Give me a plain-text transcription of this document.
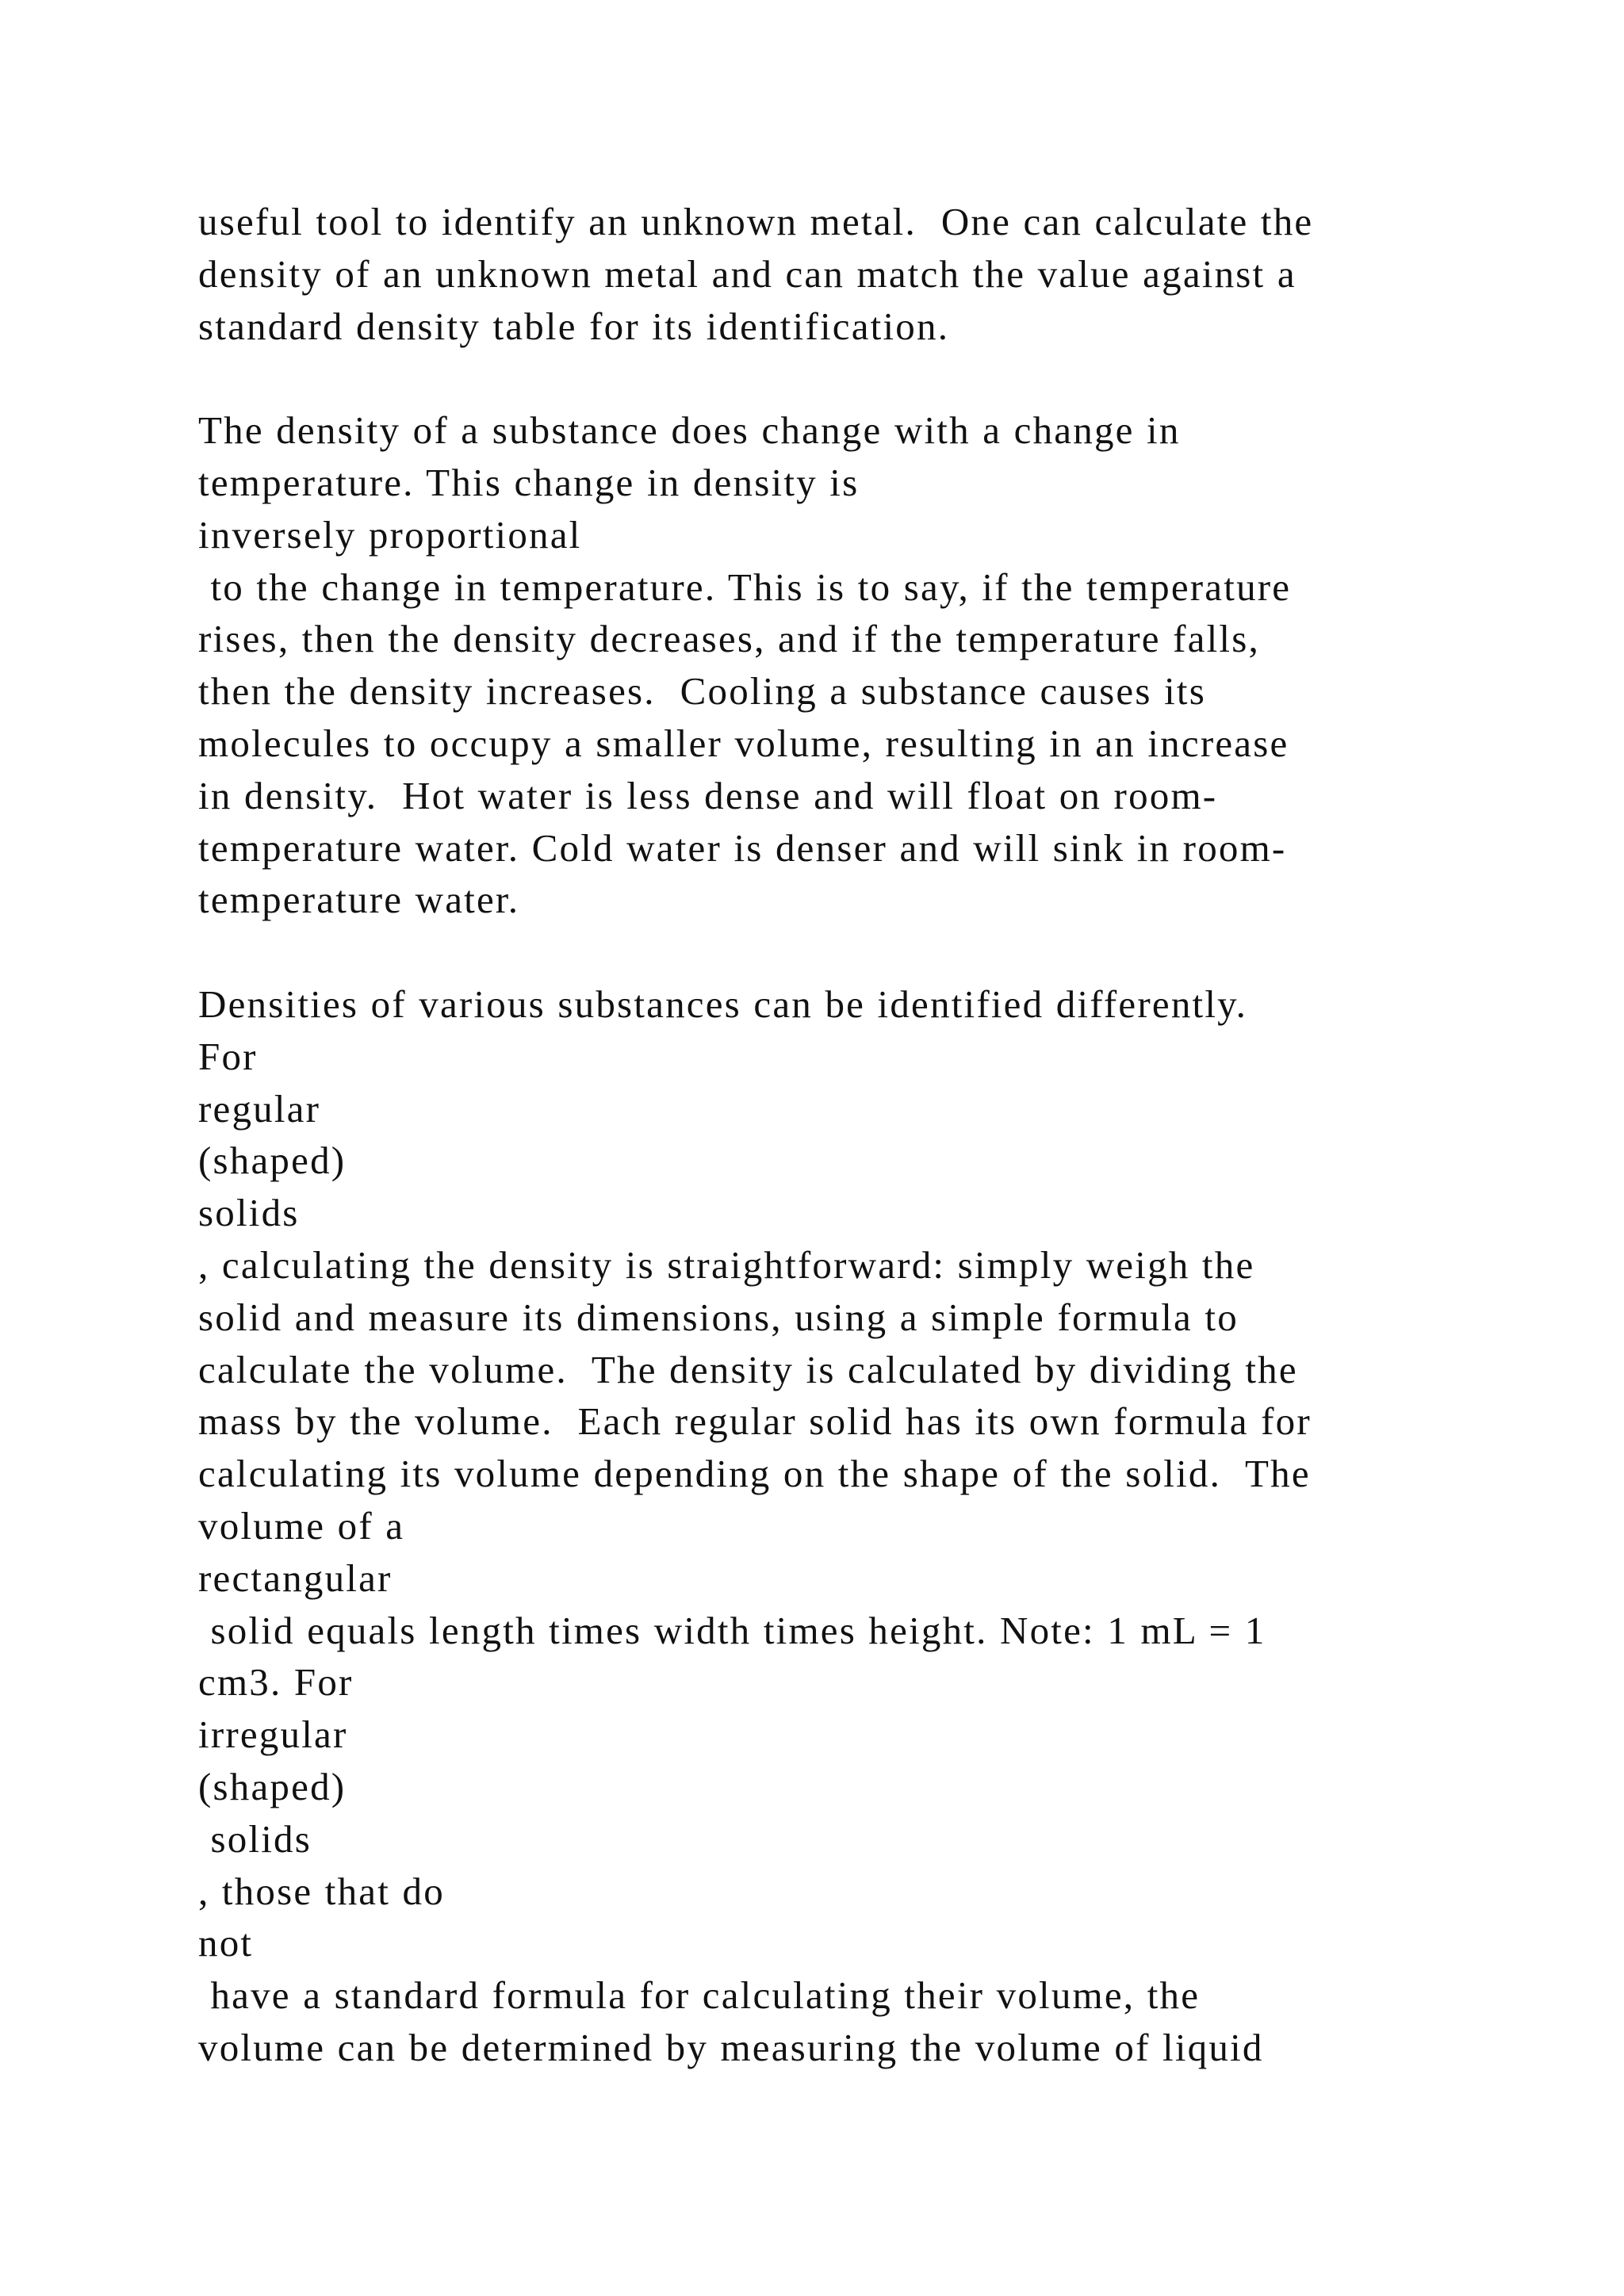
useful tool to identify an unknown metal.  One can calculate the
density of an unknown metal and can match the value against a
standard density table for its identification.
The density of a substance does change with a change in
temperature. This change in density is
inversely proportional
to the change in temperature. This is to say, if the temperature
rises, then the density decreases, and if the temperature falls,
then the density increases.  Cooling a substance causes its
molecules to occupy a smaller volume, resulting in an increase
in density.  Hot water is less dense and will float on room-
temperature water. Cold water is denser and will sink in room-
temperature water.
Densities of various substances can be identified differently.
For
regular
(shaped)
solids
, calculating the density is straightforward: simply weigh the
solid and measure its dimensions, using a simple formula to
calculate the volume.  The density is calculated by dividing the
mass by the volume.  Each regular solid has its own formula for
calculating its volume depending on the shape of the solid.  The
volume of a
rectangular
solid equals length times width times height. Note: 1 mL = 1
cm3. For
irregular
(shaped)
solids
, those that do
not
have a standard formula for calculating their volume, the
volume can be determined by measuring the volume of liquid
